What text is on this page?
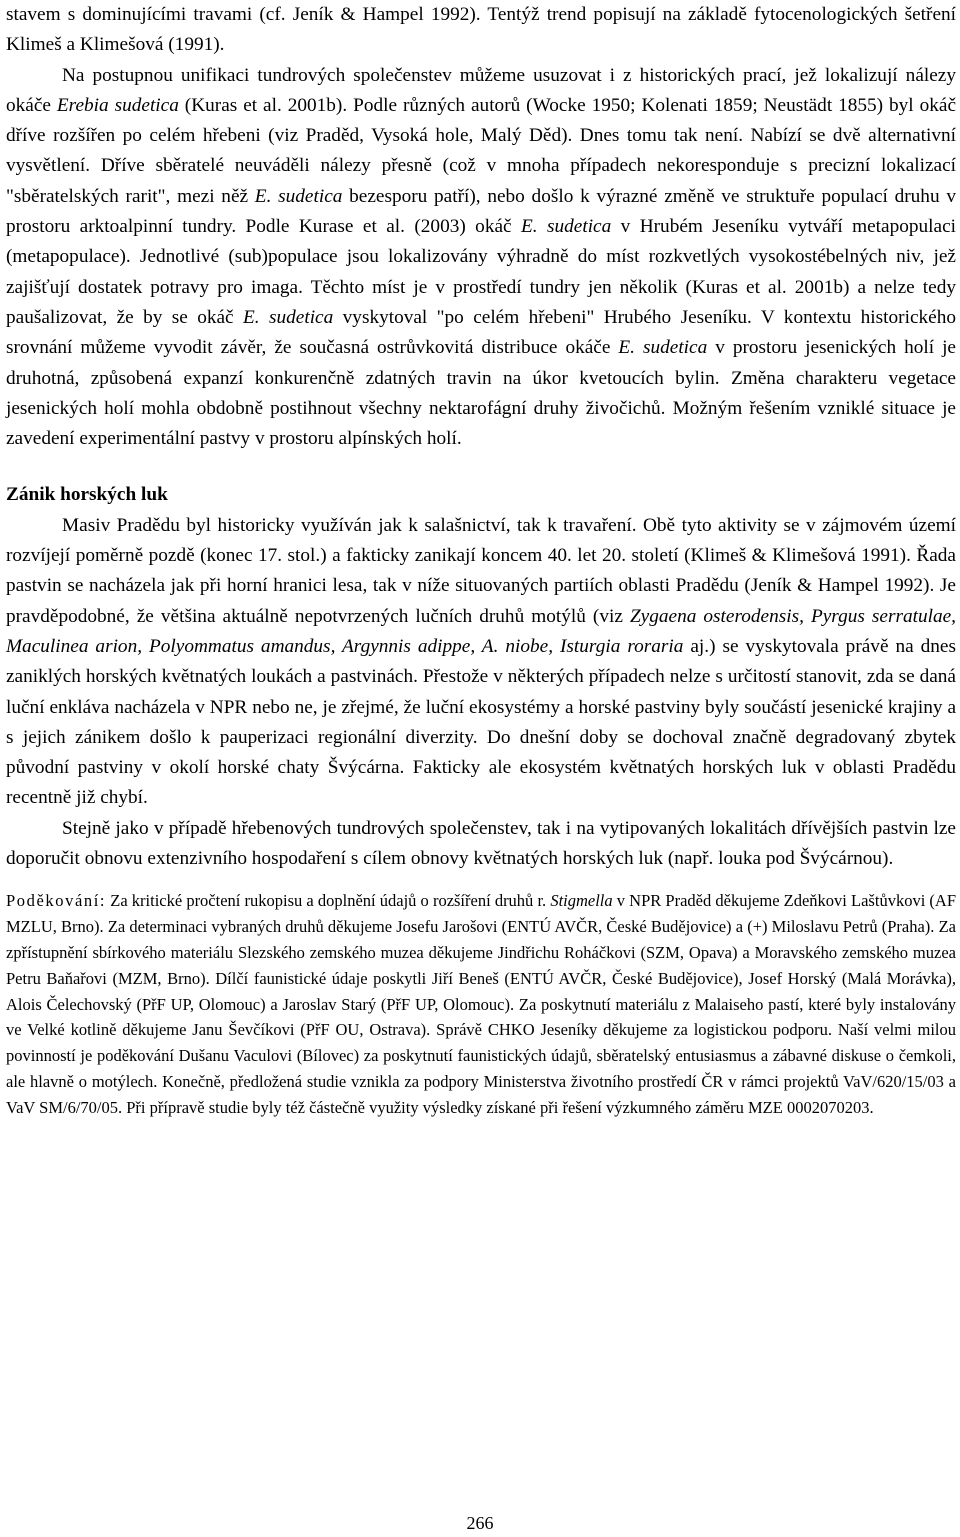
stavem s dominujícími travami (cf. Jeník & Hampel 1992). Tentýž trend popisují na základě fytocenologických šetření Klimeš a Klimešová (1991).

Na postupnou unifikaci tundrových společenstev můžeme usuzovat i z historických prací, jež lokalizují nálezy okáče Erebia sudetica (Kuras et al. 2001b). Podle různých autorů (Wocke 1950; Kolenati 1859; Neustädt 1855) byl okáč dříve rozšířen po celém hřebeni (viz Praděd, Vysoká hole, Malý Děd). Dnes tomu tak není. Nabízí se dvě alternativní vysvětlení. Dříve sběratelé neuváděli nálezy přesně (což v mnoha případech nekoresponduje s precizní lokalizací "sběratelských rarit", mezi něž E. sudetica bezesporu patří), nebo došlo k výrazné změně ve struktuře populací druhu v prostoru arktoalpinní tundry. Podle Kurase et al. (2003) okáč E. sudetica v Hrubém Jeseníku vytváří metapopulaci (metapopulace). Jednotlivé (sub)populace jsou lokalizovány výhradně do míst rozkvetlých vysokostébelných niv, jež zajišťují dostatek potravy pro imaga. Těchto míst je v prostředí tundry jen několik (Kuras et al. 2001b) a nelze tedy paušalizovat, že by se okáč E. sudetica vyskytoval "po celém hřebeni" Hrubého Jeseníku. V kontextu historického srovnání můžeme vyvodit závěr, že současná ostrůvkovitá distribuce okáče E. sudetica v prostoru jesenických holí je druhotná, způsobená expanzí konkurenčně zdatných travin na úkor kvetoucích bylin. Změna charakteru vegetace jesenických holí mohla obdobně postihnout všechny nektarofágní druhy živočichů. Možným řešením vzniklé situace je zavedení experimentální pastvy v prostoru alpínských holí.

Zánik horských luk

Masiv Pradědu byl historicky využíván jak k salašnictví, tak k travaření. Obě tyto aktivity se v zájmovém území rozvíjejí poměrně pozdě (konec 17. stol.) a fakticky zanikají koncem 40. let 20. století (Klimeš & Klimešová 1991). Řada pastvin se nacházela jak při horní hranici lesa, tak v níže situovaných partiích oblasti Pradědu (Jeník & Hampel 1992). Je pravděpodobné, že většina aktuálně nepotvrzených lučních druhů motýlů (viz Zygaena osterodensis, Pyrgus serratulae, Maculinea arion, Polyommatus amandus, Argynnis adippe, A. niobe, Isturgia roraria aj.) se vyskytovala právě na dnes zaniklých horských květnatých loukách a pastvinách. Přestože v některých případech nelze s určitostí stanovit, zda se daná luční enkláva nacházela v NPR nebo ne, je zřejmé, že luční ekosystémy a horské pastviny byly součástí jesenické krajiny a s jejich zánikem došlo k pauperizaci regionální diverzity. Do dnešní doby se dochoval značně degradovaný zbytek původní pastviny v okolí horské chaty Švýcárna. Fakticky ale ekosystém květnatých horských luk v oblasti Pradědu recentně již chybí.

Stejně jako v případě hřebenových tundrových společenstev, tak i na vytipovaných lokalitách dřívějších pastvin lze doporučit obnovu extenzivního hospodaření s cílem obnovy květnatých horských luk (např. louka pod Švýcárnou).

Poděkování: Za kritické pročtení rukopisu a doplnění údajů o rozšíření druhů r. Stigmella v NPR Praděd děkujeme Zdeňkovi Laštůvkovi (AF MZLU, Brno). Za determinaci vybraných druhů děkujeme Josefu Jarošovi (ENTÚ AVČR, České Budějovice) a (+) Miloslavu Petrů (Praha). Za zpřístupnění sbírkového materiálu Slezského zemského muzea děkujeme Jindřichu Roháčkovi (SZM, Opava) a Moravského zemského muzea Petru Baňařovi (MZM, Brno). Dílčí faunistické údaje poskytli Jiří Beneš (ENTÚ AVČR, České Budějovice), Josef Horský (Malá Morávka), Alois Čelechovský (PřF UP, Olomouc) a Jaroslav Starý (PřF UP, Olomouc). Za poskytnutí materiálu z Malaiseho pastí, které byly instalovány ve Velké kotlině děkujeme Janu Ševčíkovi (PřF OU, Ostrava). Správě CHKO Jeseníky děkujeme za logistickou podporu. Naší velmi milou povinností je poděkování Dušanu Vaculovi (Bílovec) za poskytnutí faunistických údajů, sběratelský entusiasmus a zábavné diskuse o čemkoli, ale hlavně o motýlech. Konečně, předložená studie vznikla za podpory Ministerstva životního prostředí ČR v rámci projektů VaV/620/15/03 a VaV SM/6/70/05. Při přípravě studie byly též částečně využity výsledky získané při řešení výzkumného záměru MZE 0002070203.

266
